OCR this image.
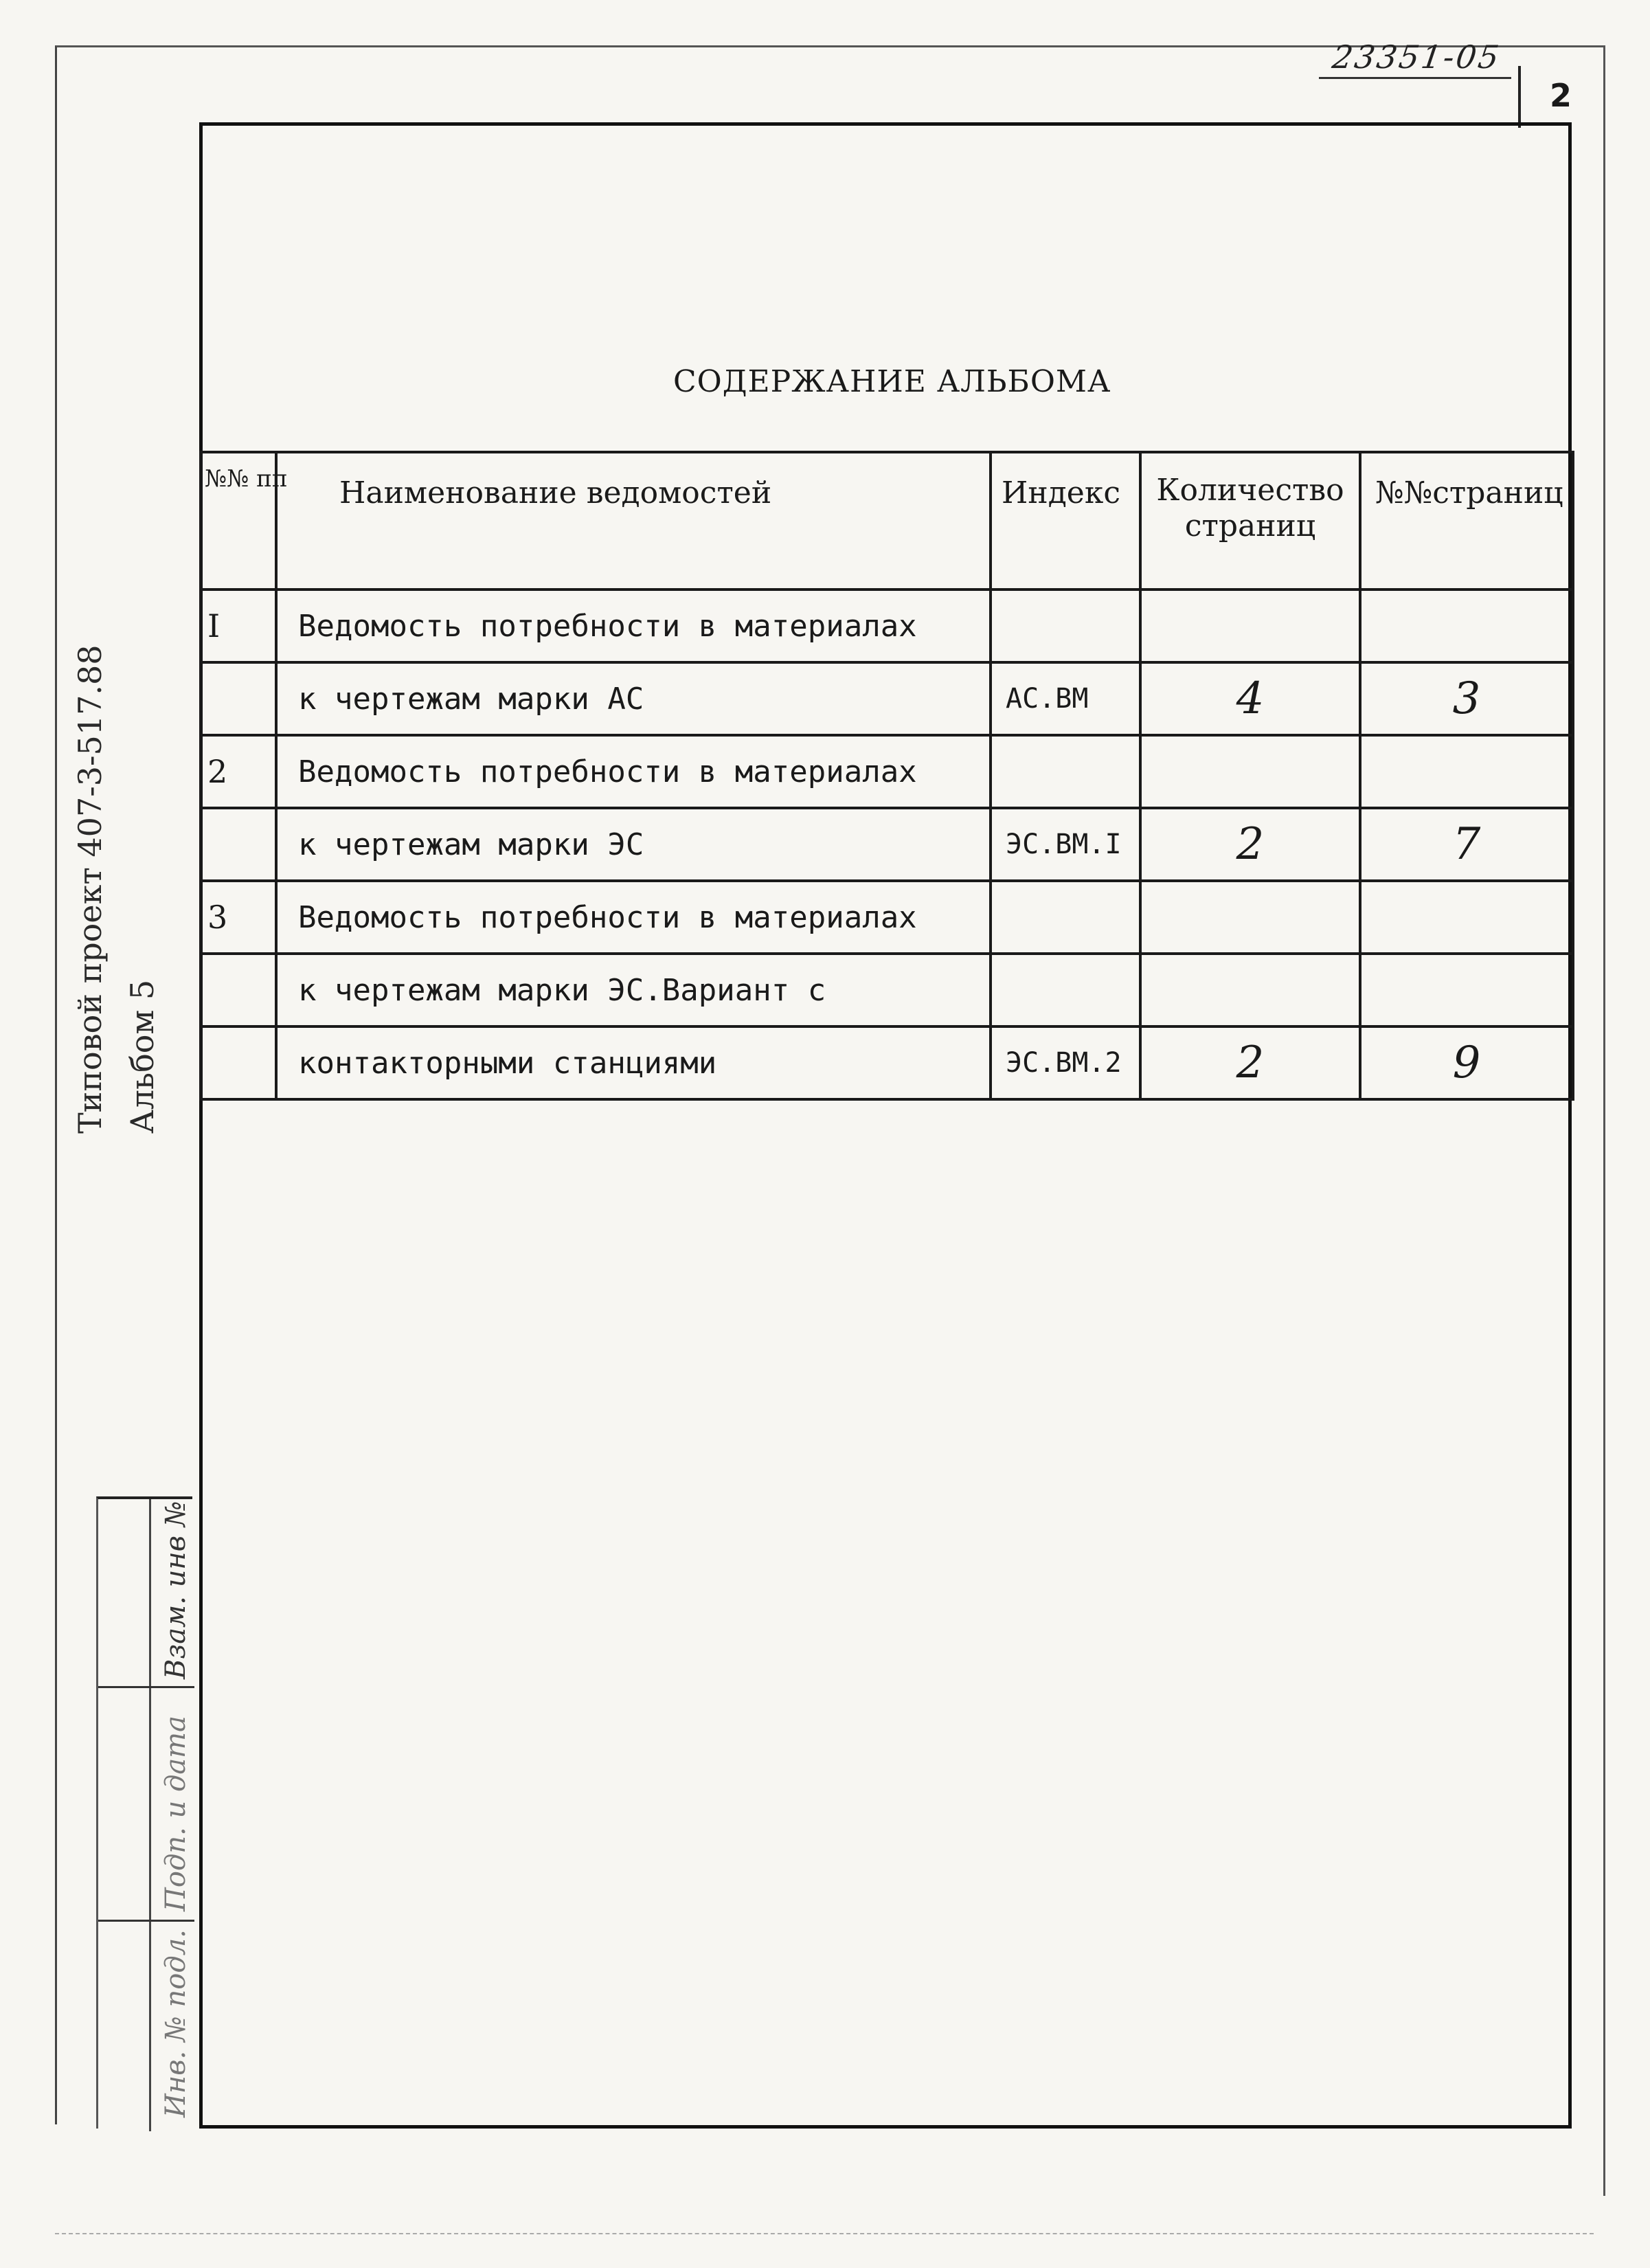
23351-05
2
СОДЕРЖАНИЕ АЛЬБОМА
№№ пп	Наименование ведомостей	Индекс	Количество страниц	№№страниц
I	Ведомость потребности в материалах			
	к чертежам марки АС	АС.ВМ	4	3
2	Ведомость потребности в материалах			
	к чертежам марки ЭС	ЭС.ВМ.I	2	7
3	Ведомость потребности в материалах			
	к чертежам марки ЭС.Вариант с			
	контакторными станциями	ЭС.ВМ.2	2	9
Типовой проект 407-3-517.88 Альбом 5
Взам. инв №
Подп. и дата
Инв. № подл.
